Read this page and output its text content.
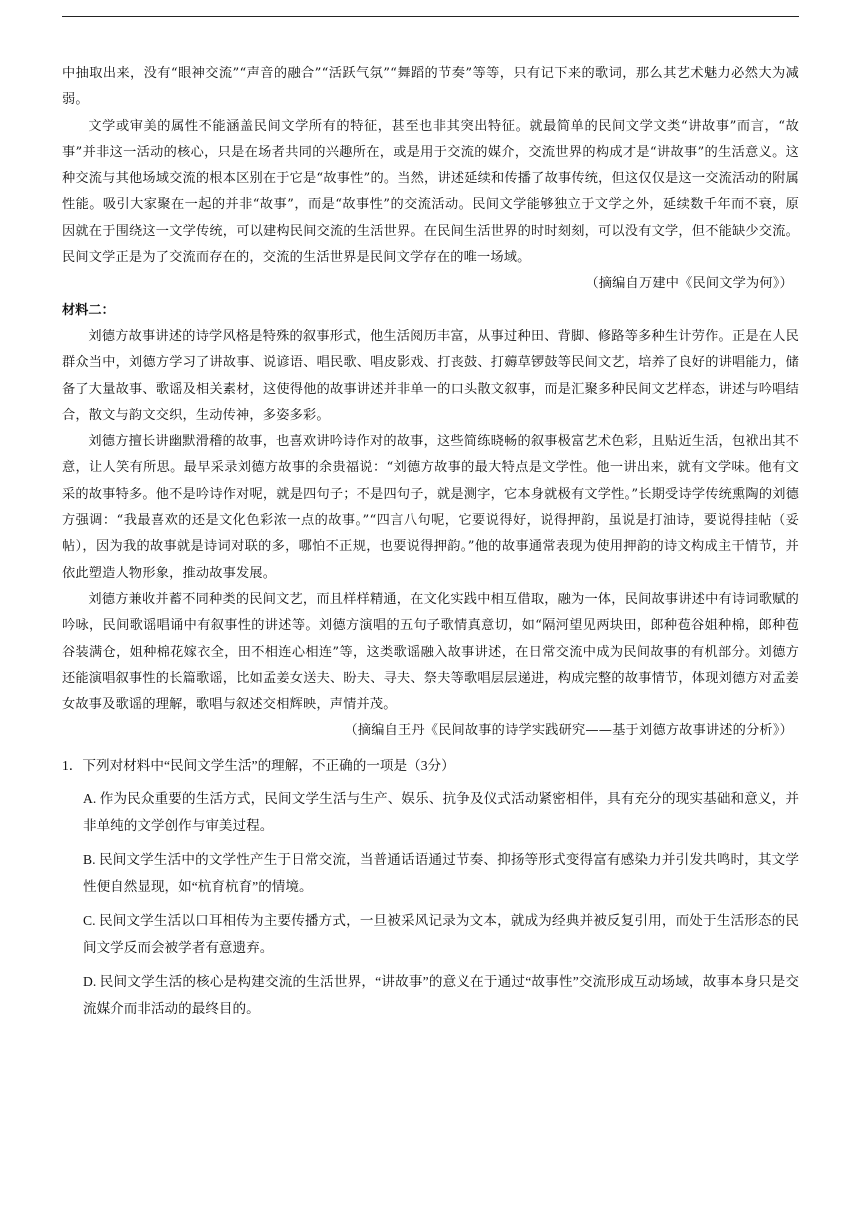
中抽取出来，没有“眼神交流”“声音的融合”“活跃气氛”“舞蹈的节奏”等等，只有记下来的歌词，那么其艺术魅力必然大为减弱。

文学或审美的属性不能涵盖民间文学所有的特征，甚至也非其突出特征。就最简单的民间文学文类“讲故事”而言，“故事”并非这一活动的核心，只是在场者共同的兴趣所在，或是用于交流的媒介，交流世界的构成才是“讲故事”的生活意义。这种交流与其他场域交流的根本区别在于它是“故事性”的。当然，讲述延续和传播了故事传统，但这仅仅是这一交流活动的附属性能。吸引大家聚在一起的并非“故事”，而是“故事性”的交流活动。民间文学能够独立于文学之外，延续数千年而不衰，原因就在于围绕这一文学传统，可以建构民间交流的生活世界。在民间生活世界的时时刻刻，可以没有文学，但不能缺少交流。民间文学正是为了交流而存在的，交流的生活世界是民间文学存在的唯一场域。

（摘编自万建中《民间文学为何》）

材料二：

刘德方故事讲述的诗学风格是特殊的叙事形式，他生活阅历丰富，从事过种田、背脚、修路等多种生计劳作。正是在人民群众当中，刘德方学习了讲故事、说谚语、唱民歌、唱皮影戏、打丧鼓、打薅草锣鼓等民间文艺，培养了良好的讲唱能力，储备了大量故事、歌谣及相关素材，这使得他的故事讲述并非单一的口头散文叙事，而是汇聚多种民间文艺样态，讲述与吟唱结合，散文与韵文交织，生动传神，多姿多彩。

刘德方擅长讲幽默滑稽的故事，也喜欢讲吟诗作对的故事，这些简练晓畅的叙事极富艺术色彩，且贴近生活，包袱出其不意，让人笑有所思。最早采录刘德方故事的余贵福说：“刘德方故事的最大特点是文学性。他一讲出来，就有文学味。他有文采的故事特多。他不是吟诗作对呢，就是四句子；不是四句子，就是测字，它本身就极有文学性。”长期受诗学传统熏陶的刘德方强调：“我最喜欢的还是文化色彩浓一点的故事。”“四言八句呢，它要说得好，说得押韵，虽说是打油诗，要说得挂帖（妥帖），因为我的故事就是诗词对联的多，哪怕不正规，也要说得押韵。”他的故事通常表现为使用押韵的诗文构成主干情节，并依此塑造人物形象，推动故事发展。

刘德方兼收并蓄不同种类的民间文艺，而且样样精通，在文化实践中相互借取，融为一体，民间故事讲述中有诗词歌赋的吟咏，民间歌谣唱诵中有叙事性的讲述等。刘德方演唱的五句子歌情真意切，如“隔河望见两块田，郎种苞谷姐种棉，郎种苞谷装满仓，姐种棉花嫁衣全，田不相连心相连”等，这类歌谣融入故事讲述，在日常交流中成为民间故事的有机部分。刘德方还能演唱叙事性的长篇歌谣，比如孟姜女送夫、盼夫、寻夫、祭夫等歌唱层层递进，构成完整的故事情节，体现刘德方对孟姜女故事及歌谣的理解，歌唱与叙述交相辉映，声情并茂。

（摘编自王丹《民间故事的诗学实践研究——基于刘德方故事讲述的分析》）

1．下列对材料中“民间文学生活”的理解，不正确的一项是（3分）

A. 作为民众重要的生活方式，民间文学生活与生产、娱乐、抗争及仪式活动紧密相伴，具有充分的现实基础和意义，并非单纯的文学创作与审美过程。

B. 民间文学生活中的文学性产生于日常交流，当普通话语通过节奏、抑扬等形式变得富有感染力并引发共鸣时，其文学性便自然显现，如“杭育杭育”的情境。

C. 民间文学生活以口耳相传为主要传播方式，一旦被采风记录为文本，就成为经典并被反复引用，而处于生活形态的民间文学反而会被学者有意遗弃。

D. 民间文学生活的核心是构建交流的生活世界，“讲故事”的意义在于通过“故事性”交流形成互动场域，故事本身只是交流媒介而非活动的最终目的。
